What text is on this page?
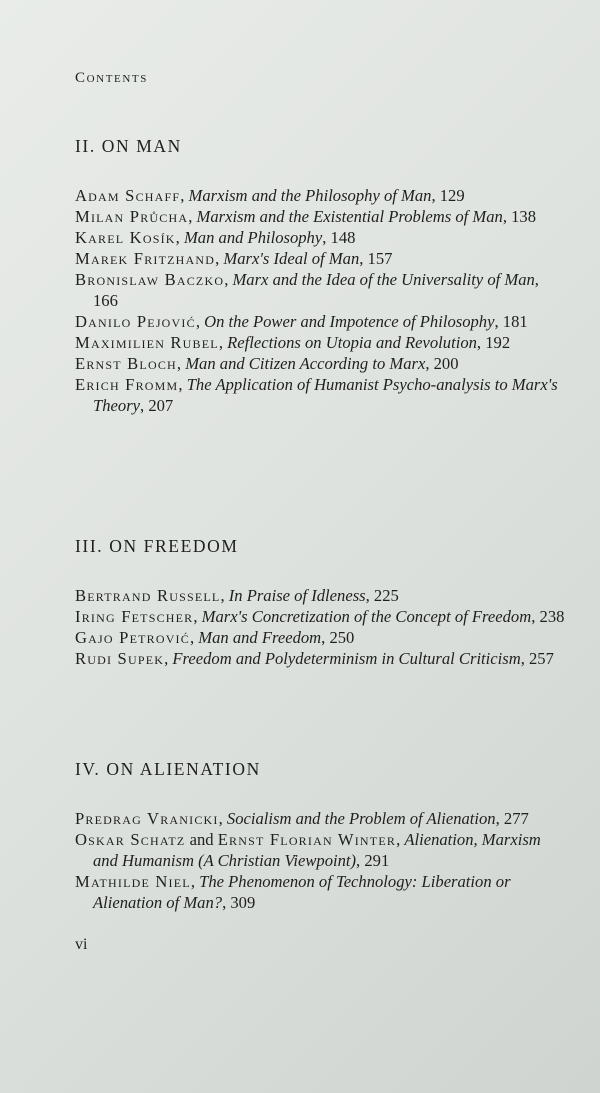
Contents
II. ON MAN

Adam Schaff, Marxism and the Philosophy of Man, 129

Milan Průcha, Marxism and the Existential Problems of Man, 138

Karel Kosík, Man and Philosophy, 148

Marek Fritzhand, Marx's Ideal of Man, 157

Bronislaw Baczko, Marx and the Idea of the Universality of Man, 166

Danilo Pejović, On the Power and Impotence of Philosophy, 181

Maximilien Rubel, Reflections on Utopia and Revolution, 192

Ernst Bloch, Man and Citizen According to Marx, 200

Erich Fromm, The Application of Humanist Psycho-analysis to Marx's Theory, 207

III. ON FREEDOM

Bertrand Russell, In Praise of Idleness, 225

Iring Fetscher, Marx's Concretization of the Concept of Freedom, 238

Gajo Petrović, Man and Freedom, 250

Rudi Supek, Freedom and Polydeterminism in Cultural Criticism, 257

IV. ON ALIENATION

Predrag Vranicki, Socialism and the Problem of Alienation, 277

Oskar Schatz and Ernst Florian Winter, Alienation, Marxism and Humanism (A Christian Viewpoint), 291

Mathilde Niel, The Phenomenon of Technology: Liberation or Alienation of Man?, 309

vi
